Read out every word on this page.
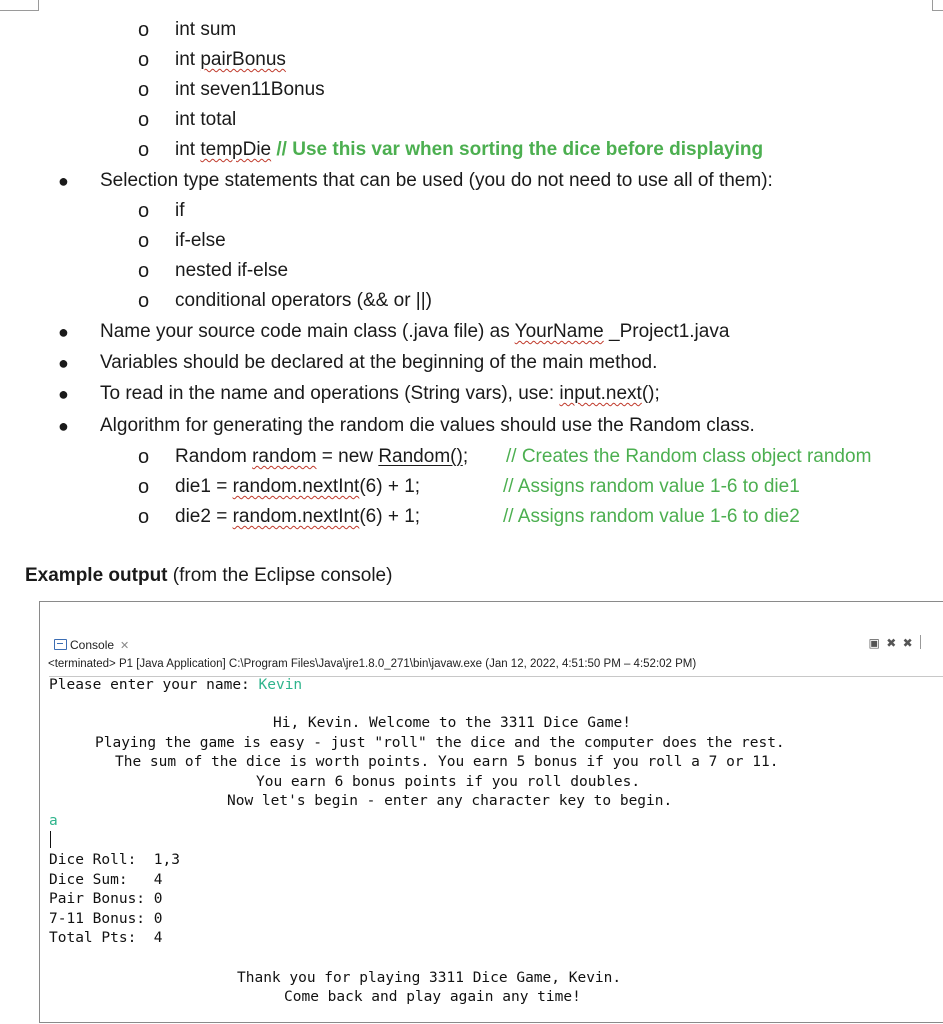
o int sum
o int pairBonus
o int seven11Bonus
o int total
o int tempDie // Use this var when sorting the dice before displaying
● Selection type statements that can be used (you do not need to use all of them):
o if
o if-else
o nested if-else
o conditional operators (&& or ||)
● Name your source code main class (.java file) as YourName _Project1.java
● Variables should be declared at the beginning of the main method.
● To read in the name and operations (String vars), use: input.next();
● Algorithm for generating the random die values should use the Random class.
o Random random = new Random(); // Creates the Random class object random
o die1 = random.nextInt(6) + 1;	// Assigns random value 1-6 to die1
o die2 = random.nextInt(6) + 1;	// Assigns random value 1-6 to die2
Example output (from the Eclipse console)
Console ✕	▣ ✖ ✖
<terminated> P1 [Java Application] C:\Program Files\Java\jre1.8.0_271\bin\javaw.exe (Jan 12, 2022, 4:51:50 PM – 4:52:02 PM)
Please enter your name: Kevin
Hi, Kevin. Welcome to the 3311 Dice Game!
Playing the game is easy - just "roll" the dice and the computer does the rest.
The sum of the dice is worth points. You earn 5 bonus if you roll a 7 or 11.
You earn 6 bonus points if you roll doubles.
Now let's begin - enter any character key to begin.
a
Dice Roll:  1,3
Dice Sum:   4
Pair Bonus: 0
7-11 Bonus: 0
Total Pts:  4
Thank you for playing 3311 Dice Game, Kevin.
Come back and play again any time!
